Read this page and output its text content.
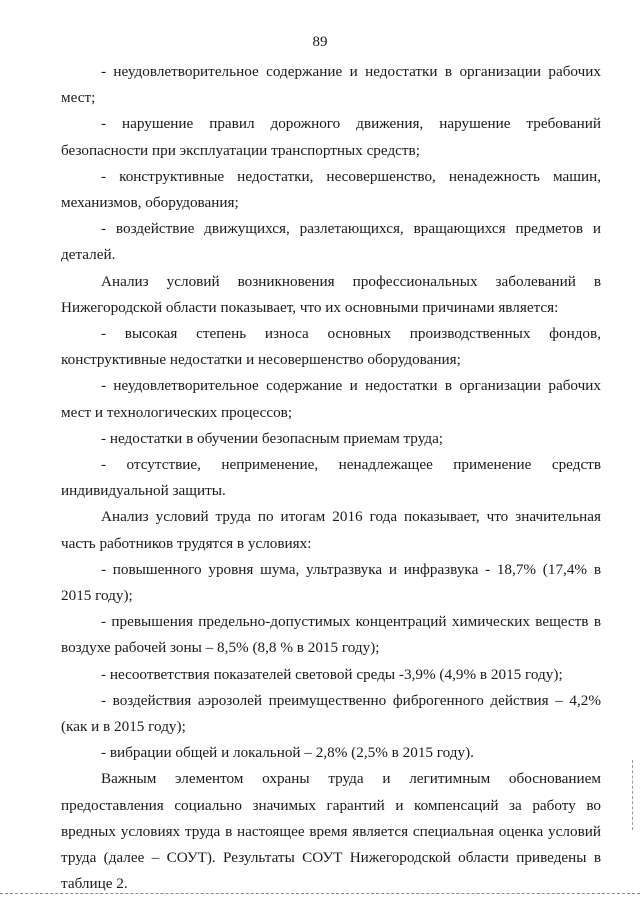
89

- неудовлетворительное содержание и недостатки в организации рабочих мест;

- нарушение правил дорожного движения, нарушение требований безопасности при эксплуатации транспортных средств;

- конструктивные недостатки, несовершенство, ненадежность машин, механизмов, оборудования;

- воздействие движущихся, разлетающихся, вращающихся предметов и деталей.

Анализ условий возникновения профессиональных заболеваний в Нижегородской области показывает, что их основными причинами является:

- высокая степень износа основных производственных фондов, конструктивные недостатки и несовершенство оборудования;

- неудовлетворительное содержание и недостатки в организации рабочих мест и технологических процессов;

- недостатки в обучении безопасным приемам труда;

- отсутствие, неприменение, ненадлежащее применение средств индивидуальной защиты.

Анализ условий труда по итогам 2016 года показывает, что значительная часть работников трудятся в условиях:

- повышенного уровня шума, ультразвука и инфразвука - 18,7% (17,4% в 2015 году);

- превышения предельно-допустимых концентраций химических веществ в воздухе рабочей зоны – 8,5% (8,8 % в 2015 году);

- несоответствия показателей световой среды -3,9% (4,9% в 2015 году);

- воздействия аэрозолей преимущественно фиброгенного действия – 4,2% (как и в 2015 году);

- вибрации общей и локальной – 2,8% (2,5% в 2015 году).

Важным элементом охраны труда и легитимным обоснованием предоставления социально значимых гарантий и компенсаций за работу во вредных условиях труда в настоящее время является специальная оценка условий труда (далее – СОУТ). Результаты СОУТ Нижегородской области приведены в таблице 2.
